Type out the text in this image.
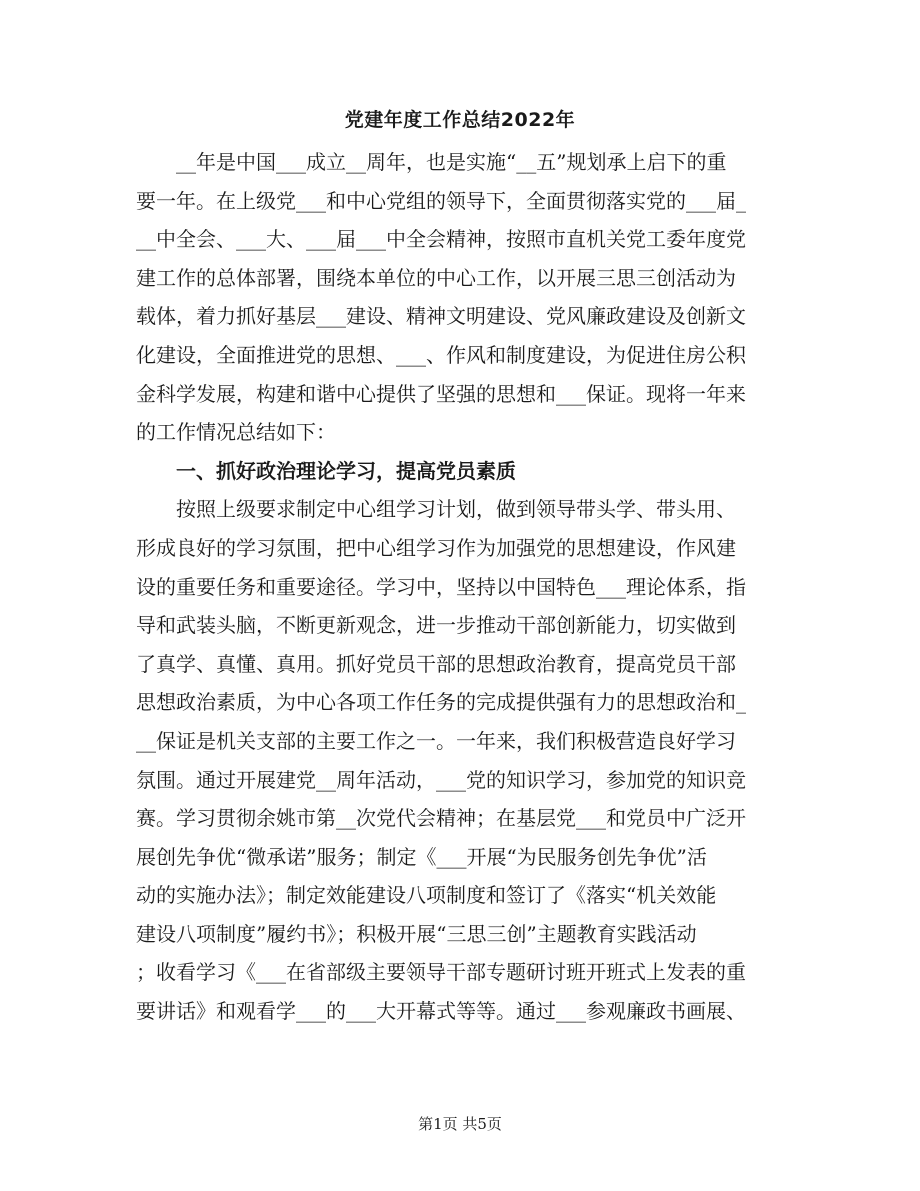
党建年度工作总结2022年
__年是中国___成立__周年，也是实施“__五”规划承上启下的重
要一年。在上级党___和中心党组的领导下，全面贯彻落实党的___届_
__中全会、___大、___届___中全会精神，按照市直机关党工委年度党
建工作的总体部署，围绕本单位的中心工作，以开展三思三创活动为
载体，着力抓好基层___建设、精神文明建设、党风廉政建设及创新文
化建设，全面推进党的思想、___、作风和制度建设，为促进住房公积
金科学发展，构建和谐中心提供了坚强的思想和___保证。现将一年来
的工作情况总结如下：
一、抓好政治理论学习，提高党员素质
按照上级要求制定中心组学习计划，做到领导带头学、带头用、
形成良好的学习氛围，把中心组学习作为加强党的思想建设，作风建
设的重要任务和重要途径。学习中，坚持以中国特色___理论体系，指
导和武装头脑，不断更新观念，进一步推动干部创新能力，切实做到
了真学、真懂、真用。抓好党员干部的思想政治教育，提高党员干部
思想政治素质，为中心各项工作任务的完成提供强有力的思想政治和_
__保证是机关支部的主要工作之一。一年来，我们积极营造良好学习
氛围。通过开展建党__周年活动，___党的知识学习，参加党的知识竞
赛。学习贯彻余姚市第__次党代会精神；在基层党___和党员中广泛开
展创先争优“微承诺”服务；制定《___开展“为民服务创先争优”活
动的实施办法》；制定效能建设八项制度和签订了《落实“机关效能
建设八项制度”履约书》；积极开展“三思三创”主题教育实践活动
；收看学习《___在省部级主要领导干部专题研讨班开班式上发表的重
要讲话》和观看学___的___大开幕式等等。通过___参观廉政书画展、
第1页 共5页
